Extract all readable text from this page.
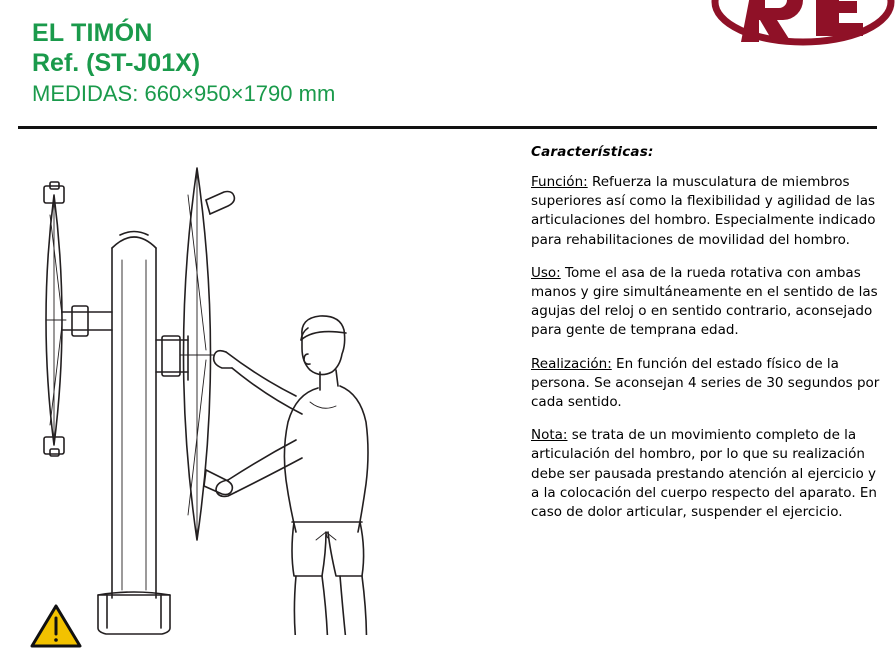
EL TIMÓN
Ref. (ST-J01X)
MEDIDAS: 660×950×1790 mm
Características:
Función: Refuerza la musculatura de miembros superiores así como la flexibilidad y agilidad de las articulaciones del hombro. Especialmente indicado para rehabilitaciones de movilidad del hombro.
Uso: Tome el asa de la rueda rotativa con ambas manos y gire simultáneamente en el sentido de las agujas del reloj o en sentido contrario, aconsejado para gente de temprana edad.
Realización: En función del estado físico de la persona. Se aconsejan 4 series de 30 segundos por cada sentido.
Nota: se trata de un movimiento completo de la articulación del hombro, por lo que su realización debe ser pausada prestando atención al ejercicio y a la colocación del cuerpo respecto del aparato. En caso de dolor articular, suspender el ejercicio.
